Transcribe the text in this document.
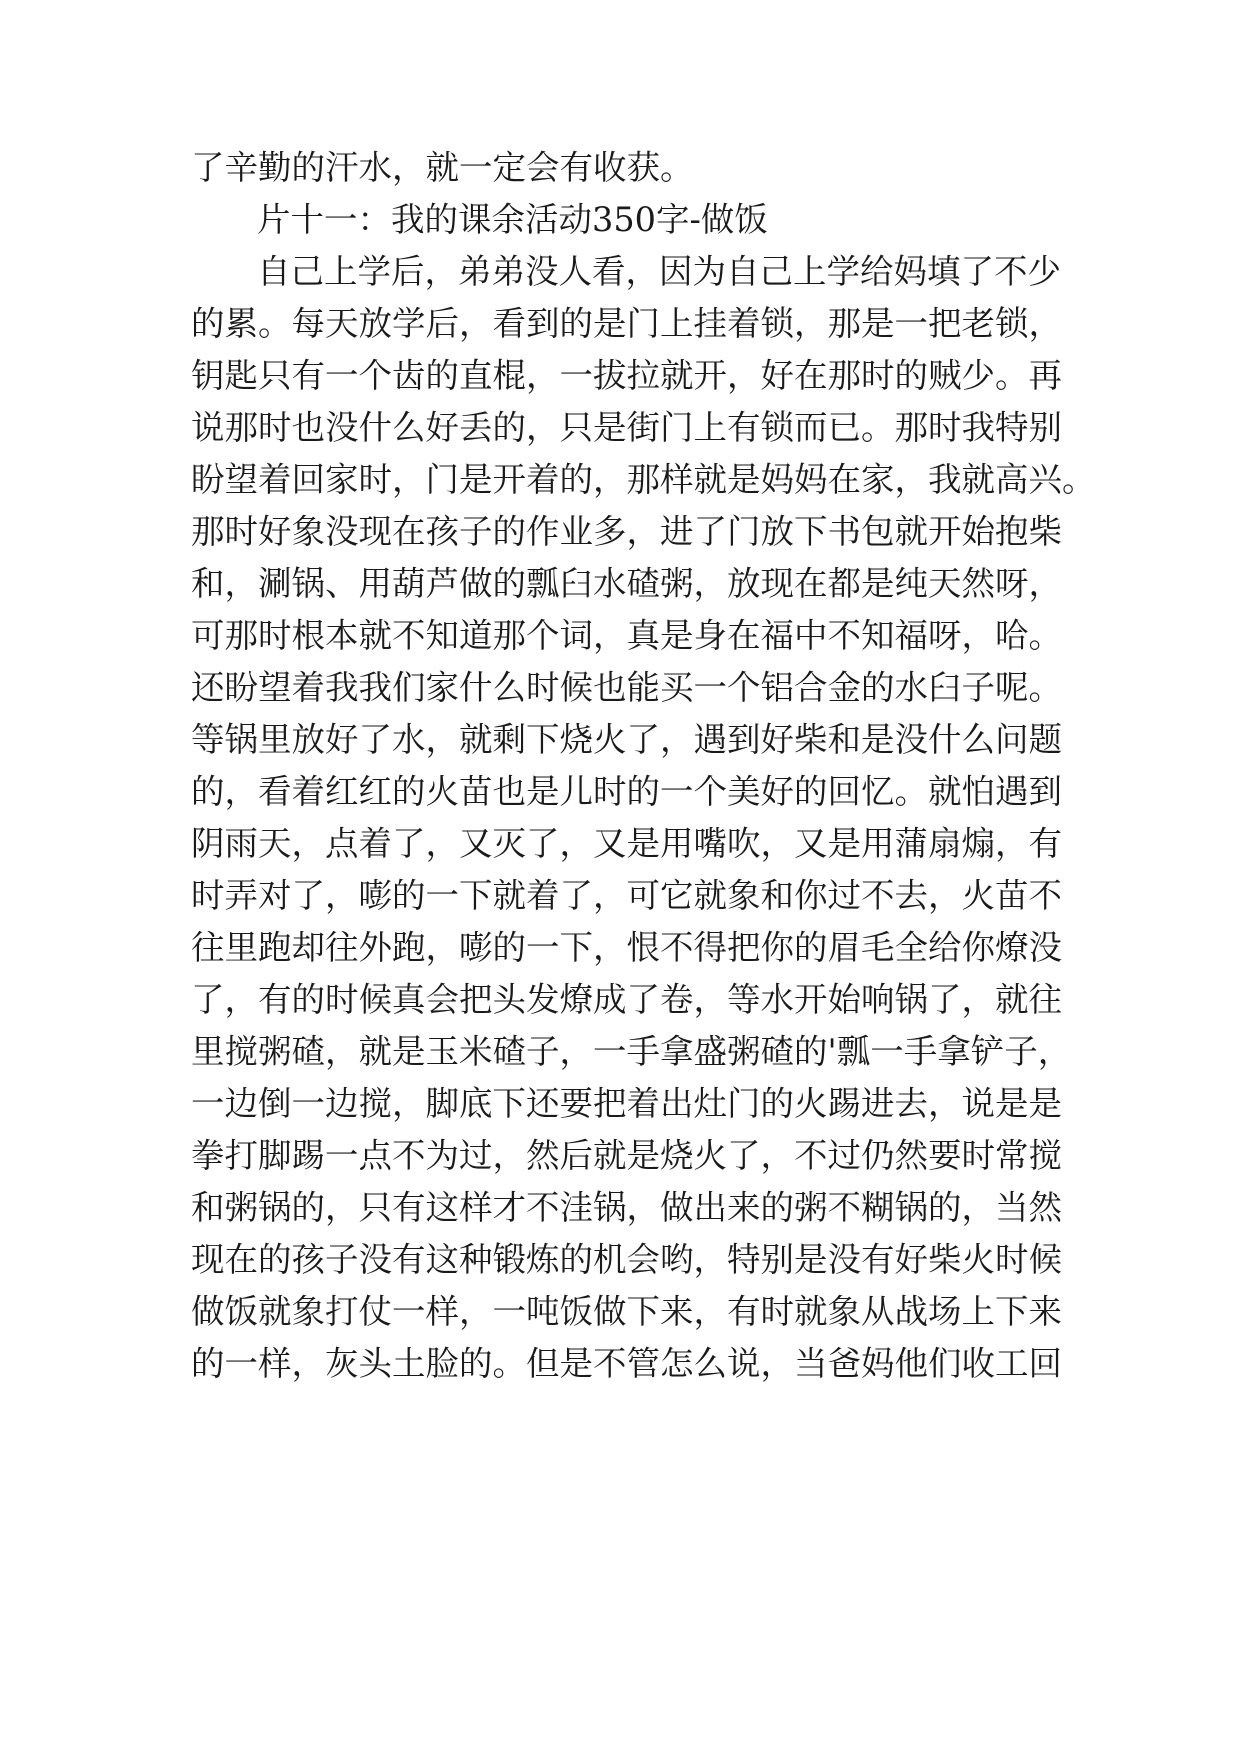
了辛勤的汗水，就一定会有收获。
片十一：我的课余活动350字-做饭
自己上学后，弟弟没人看，因为自己上学给妈填了不少
的累。每天放学后，看到的是门上挂着锁，那是一把老锁，
钥匙只有一个齿的直棍，一拔拉就开，好在那时的贼少。再
说那时也没什么好丢的，只是街门上有锁而已。那时我特别
盼望着回家时，门是开着的，那样就是妈妈在家，我就高兴。
那时好象没现在孩子的作业多，进了门放下书包就开始抱柴
和，涮锅、用葫芦做的瓢臼水碴粥，放现在都是纯天然呀，
可那时根本就不知道那个词，真是身在福中不知福呀，哈。
还盼望着我我们家什么时候也能买一个铝合金的水臼子呢。
等锅里放好了水，就剩下烧火了，遇到好柴和是没什么问题
的，看着红红的火苗也是儿时的一个美好的回忆。就怕遇到
阴雨天，点着了，又灭了，又是用嘴吹，又是用蒲扇煽，有
时弄对了，嘭的一下就着了，可它就象和你过不去，火苗不
往里跑却往外跑，嘭的一下，恨不得把你的眉毛全给你燎没
了，有的时候真会把头发燎成了卷，等水开始响锅了，就往
里搅粥碴，就是玉米碴子，一手拿盛粥碴的'瓢一手拿铲子，
一边倒一边搅，脚底下还要把着出灶门的火踢进去，说是是
拳打脚踢一点不为过，然后就是烧火了，不过仍然要时常搅
和粥锅的，只有这样才不洼锅，做出来的粥不糊锅的，当然
现在的孩子没有这种锻炼的机会哟，特别是没有好柴火时候
做饭就象打仗一样，一吨饭做下来，有时就象从战场上下来
的一样，灰头土脸的。但是不管怎么说，当爸妈他们收工回
